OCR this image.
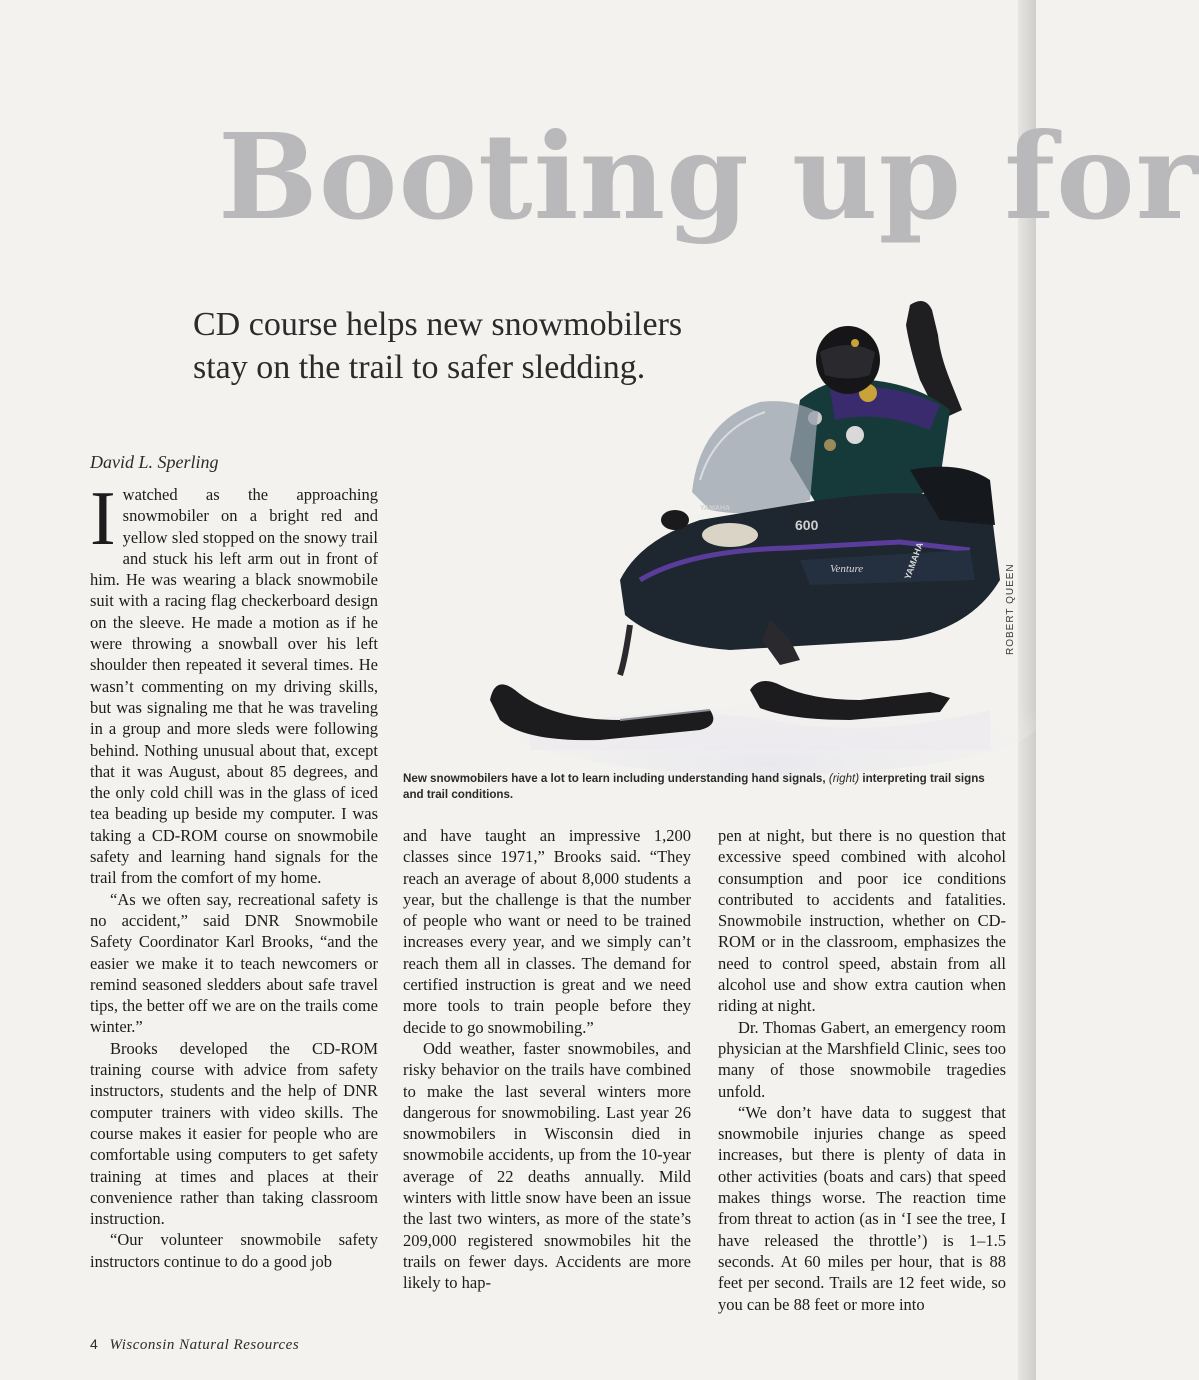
Booting up for
CD course helps new snowmobilers
stay on the trail to safer sledding.
David L. Sperling
YAMAHA
600
Venture	YAMAHA
ROBERT QUEEN
New snowmobilers have a lot to learn including understanding hand signals, (right) interpreting trail signs and trail conditions.

I watched as the approaching snowmobiler on a bright red and yellow sled stopped on the snowy trail and stuck his left arm out in front of him. He was wearing a black snowmobile suit with a racing flag checkerboard design on the sleeve. He made a motion as if he were throwing a snowball over his left shoulder then repeated it several times. He wasn’t commenting on my driving skills, but was signaling me that he was traveling in a group and more sleds were following behind. Nothing unusual about that, except that it was August, about 85 degrees, and the only cold chill was in the glass of iced tea beading up beside my computer. I was taking a CD-ROM course on snowmobile safety and learning hand signals for the trail from the comfort of my home.

“As we often say, recreational safety is no accident,” said DNR Snowmobile Safety Coordinator Karl Brooks, “and the easier we make it to teach newcomers or remind seasoned sledders about safe travel tips, the better off we are on the trails come winter.”

Brooks developed the CD-ROM training course with advice from safety instructors, students and the help of DNR computer trainers with video skills. The course makes it easier for people who are comfortable using computers to get safety training at times and places at their convenience rather than taking classroom instruction.

“Our volunteer snowmobile safety instructors continue to do a good job

and have taught an impressive 1,200 classes since 1971,” Brooks said. “They reach an average of about 8,000 students a year, but the challenge is that the number of people who want or need to be trained increases every year, and we simply can’t reach them all in classes. The demand for certified instruction is great and we need more tools to train people before they decide to go snowmobiling.”

Odd weather, faster snowmobiles, and risky behavior on the trails have combined to make the last several winters more dangerous for snowmobiling. Last year 26 snowmobilers in Wisconsin died in snowmobile accidents, up from the 10-year average of 22 deaths annually. Mild winters with little snow have been an issue the last two winters, as more of the state’s 209,000 registered snowmobiles hit the trails on fewer days. Accidents are more likely to hap-

pen at night, but there is no question that excessive speed combined with alcohol consumption and poor ice conditions contributed to accidents and fatalities. Snowmobile instruction, whether on CD-ROM or in the classroom, emphasizes the need to control speed, abstain from all alcohol use and show extra caution when riding at night.

Dr. Thomas Gabert, an emergency room physician at the Marshfield Clinic, sees too many of those snowmobile tragedies unfold.

“We don’t have data to suggest that snowmobile injuries change as speed increases, but there is plenty of data in other activities (boats and cars) that speed makes things worse. The reaction time from threat to action (as in ‘I see the tree, I have released the throttle’) is 1–1.5 seconds. At 60 miles per hour, that is 88 feet per second. Trails are 12 feet wide, so you can be 88 feet or more into

4 Wisconsin Natural Resources
